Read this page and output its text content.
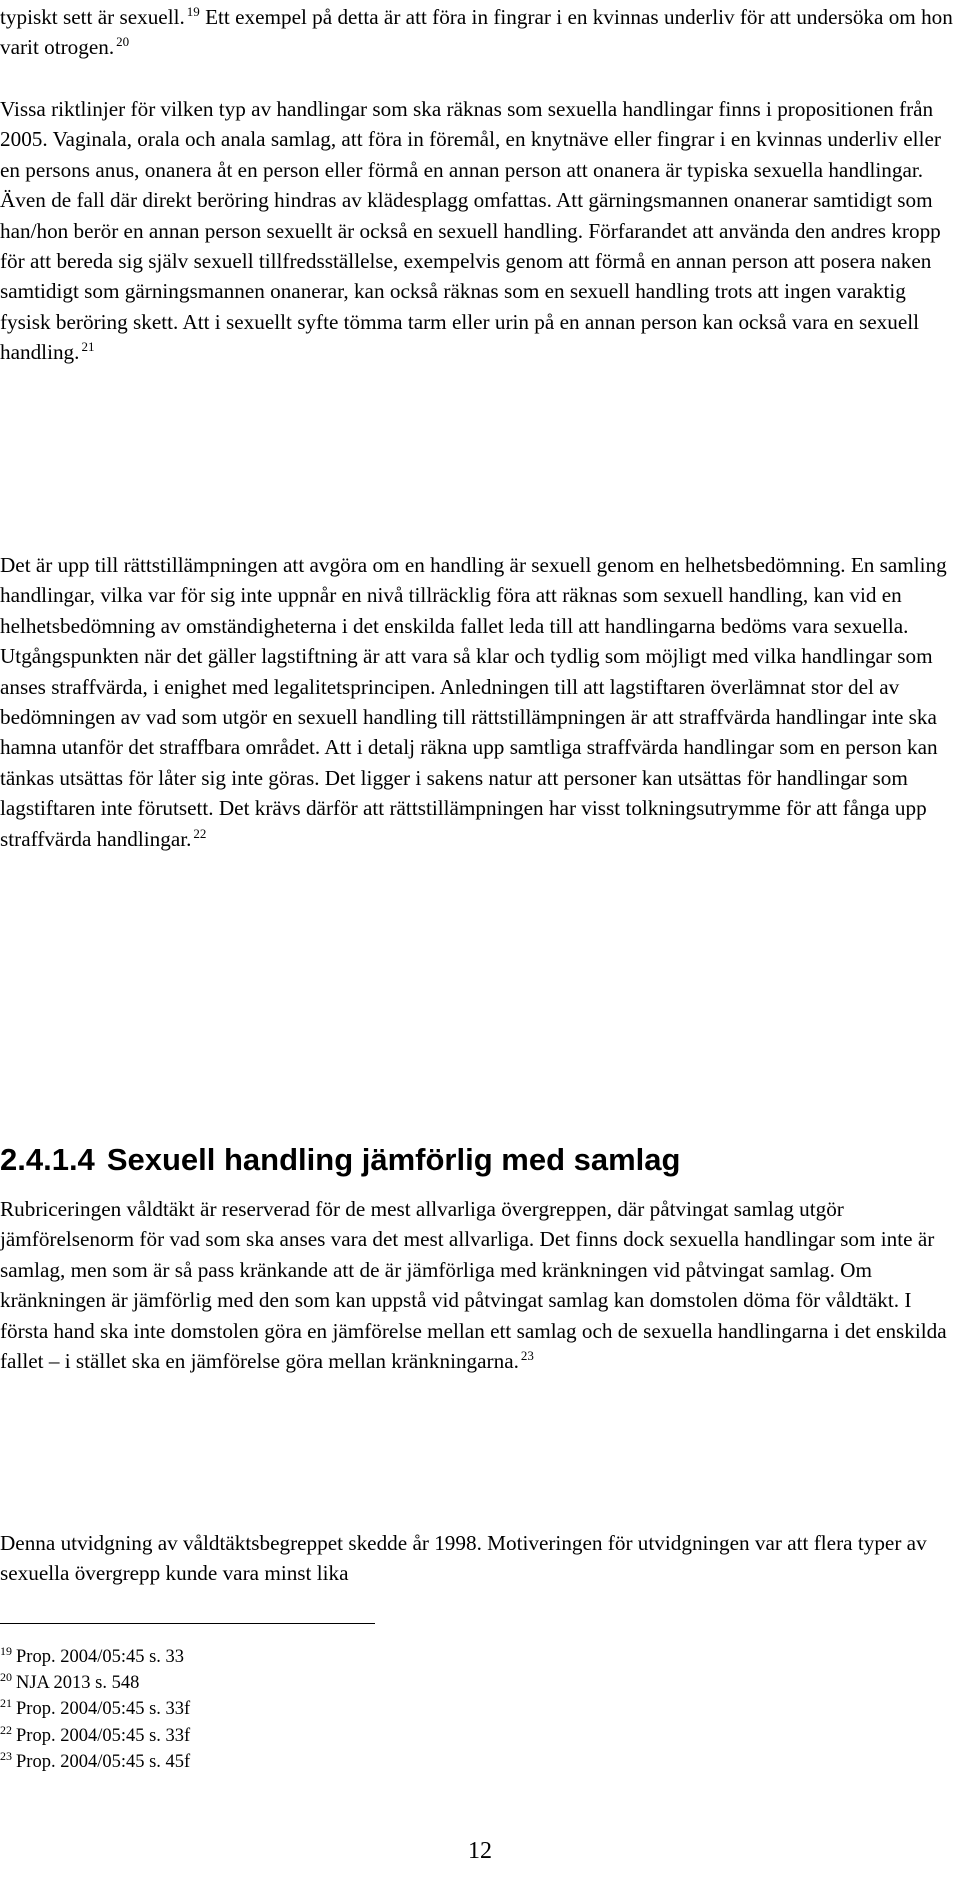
typiskt sett är sexuell. $^{19}$ Ett exempel på detta är att föra in fingrar i en kvinnas underliv för att undersöka om hon varit otrogen. $^{20}$

Vissa riktlinjer för vilken typ av handlingar som ska räknas som sexuella handlingar finns i propositionen från 2005. Vaginala, orala och anala samlag, att föra in föremål, en knytnäve eller fingrar i en kvinnas underliv eller en persons anus, onanera åt en person eller förmå en annan person att onanera är typiska sexuella handlingar. Även de fall där direkt beröring hindras av klädesplagg omfattas. Att gärningsmannen onanerar samtidigt som han/hon berör en annan person sexuellt är också en sexuell handling. Förfarandet att använda den andres kropp för att bereda sig själv sexuell tillfredsställelse, exempelvis genom att förmå en annan person att posera naken samtidigt som gärningsmannen onanerar, kan också räknas som en sexuell handling trots att ingen varaktig fysisk beröring skett. Att i sexuellt syfte tömma tarm eller urin på en annan person kan också vara en sexuell handling. $^{21}$

Det är upp till rättstillämpningen att avgöra om en handling är sexuell genom en helhetsbedömning. En samling handlingar, vilka var för sig inte uppnår en nivå tillräcklig föra att räknas som sexuell handling, kan vid en helhetsbedömning av omständigheterna i det enskilda fallet leda till att handlingarna bedöms vara sexuella. Utgångspunkten när det gäller lagstiftning är att vara så klar och tydlig som möjligt med vilka handlingar som anses straffvärda, i enighet med legalitetsprincipen. Anledningen till att lagstiftaren överlämnat stor del av bedömningen av vad som utgör en sexuell handling till rättstillämpningen är att straffvärda handlingar inte ska hamna utanför det straffbara området. Att i detalj räkna upp samtliga straffvärda handlingar som en person kan tänkas utsättas för låter sig inte göras. Det ligger i sakens natur att personer kan utsättas för handlingar som lagstiftaren inte förutsett. Det krävs därför att rättstillämpningen har visst tolkningsutrymme för att fånga upp straffvärda handlingar. $^{22}$

2.4.1.4 Sexuell handling jämförlig med samlag

Rubriceringen våldtäkt är reserverad för de mest allvarliga övergreppen, där påtvingat samlag utgör jämförelsenorm för vad som ska anses vara det mest allvarliga. Det finns dock sexuella handlingar som inte är samlag, men som är så pass kränkande att de är jämförliga med kränkningen vid påtvingat samlag. Om kränkningen är jämförlig med den som kan uppstå vid påtvingat samlag kan domstolen döma för våldtäkt. I första hand ska inte domstolen göra en jämförelse mellan ett samlag och de sexuella handlingarna i det enskilda fallet – i stället ska en jämförelse göra mellan kränkningarna. $^{23}$

Denna utvidgning av våldtäktsbegreppet skedde år 1998. Motiveringen för utvidgningen var att flera typer av sexuella övergrepp kunde vara minst lika

$^{19}$ Prop. 2004/05:45 s. 33
$^{20}$ NJA 2013 s. 548
$^{21}$ Prop. 2004/05:45 s. 33f
$^{22}$ Prop. 2004/05:45 s. 33f
$^{23}$ Prop. 2004/05:45 s. 45f
12
